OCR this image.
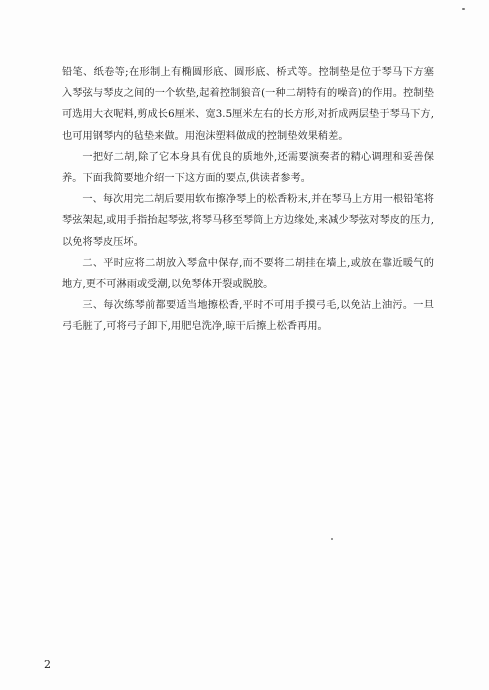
铅笔、纸卷等;在形制上有椭圆形底、圆形底、桥式等。控制垫是位于琴马下方塞入琴弦与琴皮之间的一个软垫,起着控制狼音(一种二胡特有的噪音)的作用。控制垫可选用大衣呢料,剪成长6厘米、宽3.5厘米左右的长方形,对折成两层垫于琴马下方,也可用钢琴内的毡垫来做。用泡沫塑料做成的控制垫效果稍差。

一把好二胡,除了它本身具有优良的质地外,还需要演奏者的精心调理和妥善保养。下面我简要地介绍一下这方面的要点,供读者参考。

一、每次用完二胡后要用软布擦净琴上的松香粉末,并在琴马上方用一根铅笔将琴弦架起,或用手指抬起琴弦,将琴马移至琴筒上方边缘处,来减少琴弦对琴皮的压力,以免将琴皮压坏。

二、平时应将二胡放入琴盒中保存,而不要将二胡挂在墙上,或放在靠近暖气的地方,更不可淋雨或受潮,以免琴体开裂或脱胶。

三、每次练琴前都要适当地擦松香,平时不可用手摸弓毛,以免沾上油污。一旦弓毛脏了,可将弓子卸下,用肥皂洗净,晾干后擦上松香再用。

2
